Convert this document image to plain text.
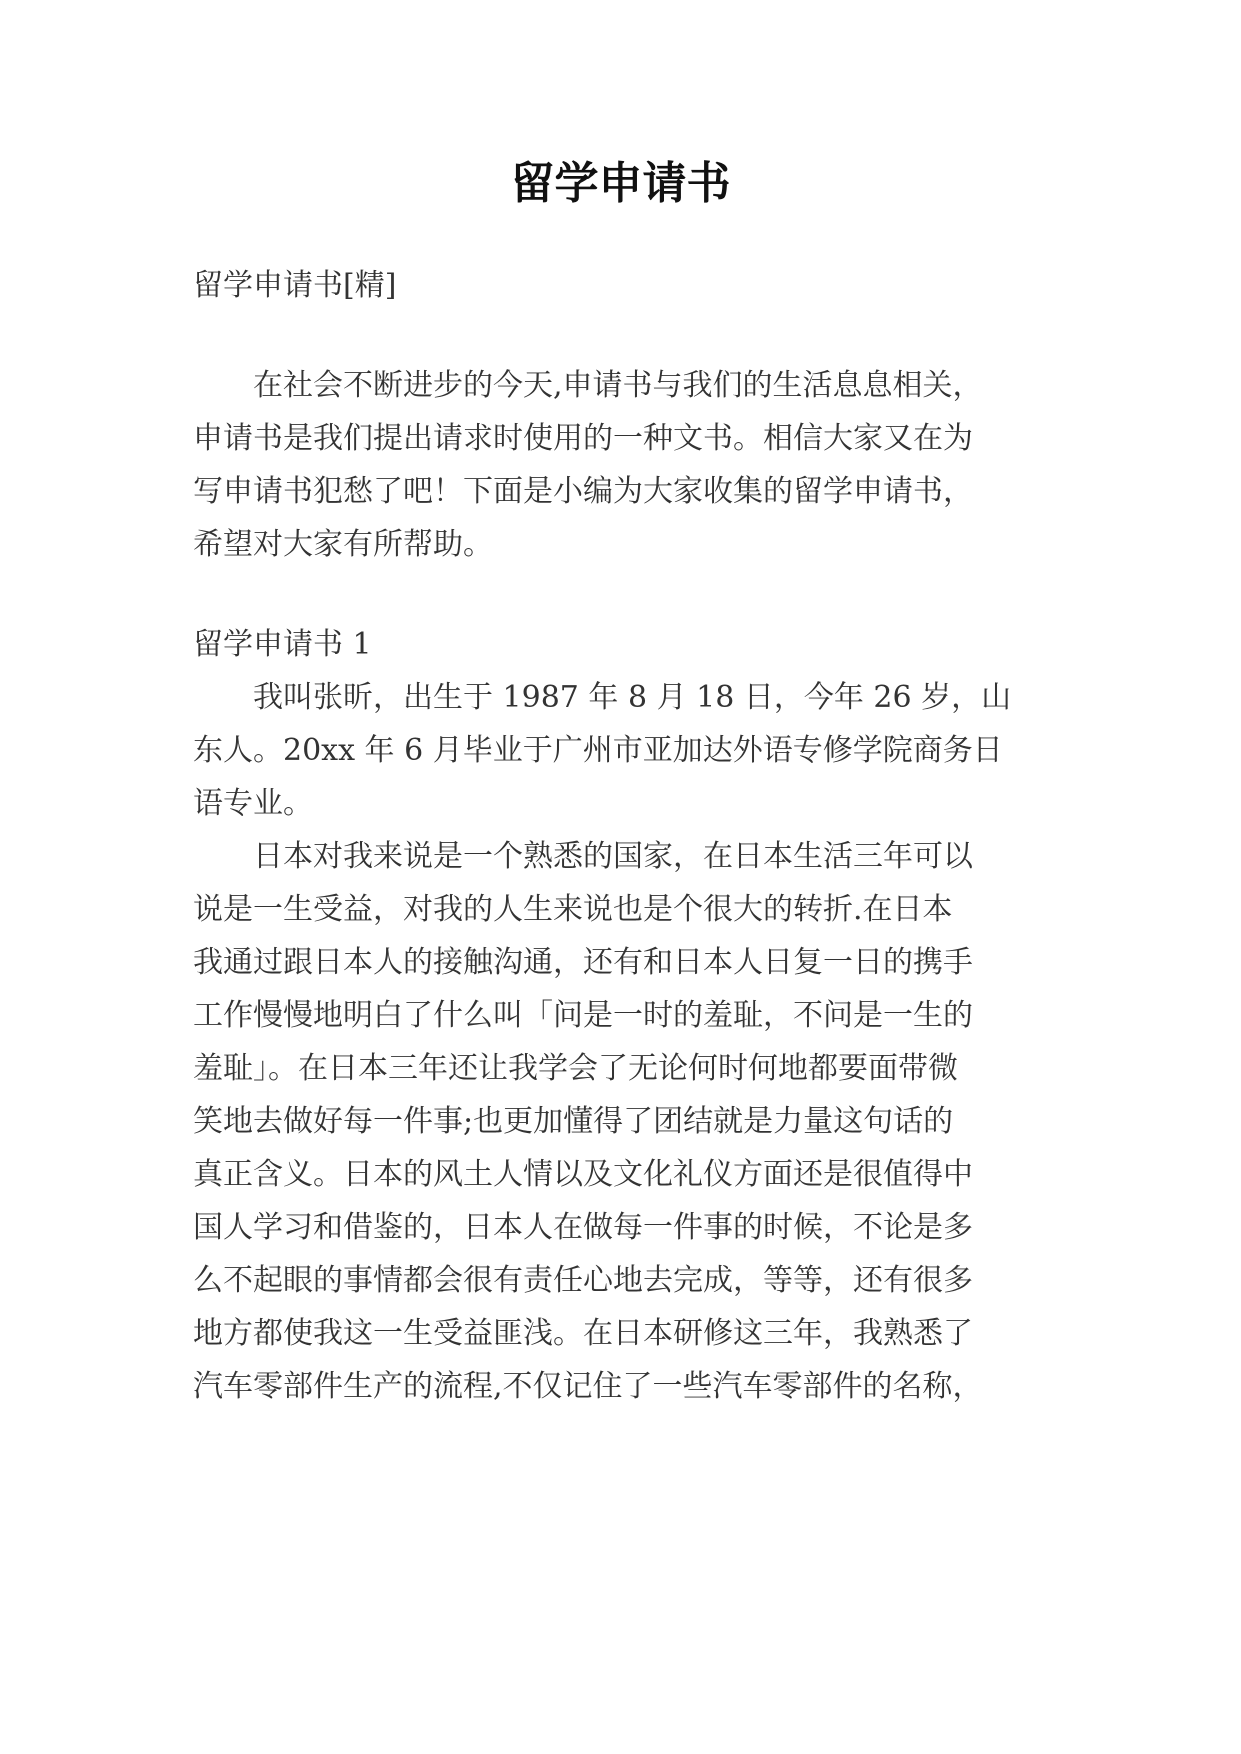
留学申请书

留学申请书[精]

在社会不断进步的今天,申请书与我们的生活息息相关，

申请书是我们提出请求时使用的一种文书。相信大家又在为

写申请书犯愁了吧！下面是小编为大家收集的留学申请书，

希望对大家有所帮助。

留学申请书 1

我叫张昕，出生于 1987 年 8 月 18 日，今年 26 岁，山

东人。20xx 年 6 月毕业于广州市亚加达外语专修学院商务日

语专业。

日本对我来说是一个熟悉的国家，在日本生活三年可以

说是一生受益，对我的人生来说也是个很大的转折.在日本

我通过跟日本人的接触沟通，还有和日本人日复一日的携手

工作慢慢地明白了什么叫「问是一时的羞耻，不问是一生的

羞耻」。在日本三年还让我学会了无论何时何地都要面带微

笑地去做好每一件事;也更加懂得了团结就是力量这句话的

真正含义。日本的风土人情以及文化礼仪方面还是很值得中

国人学习和借鉴的，日本人在做每一件事的时候，不论是多

么不起眼的事情都会很有责任心地去完成，等等，还有很多

地方都使我这一生受益匪浅。在日本研修这三年，我熟悉了

汽车零部件生产的流程,不仅记住了一些汽车零部件的名称，
